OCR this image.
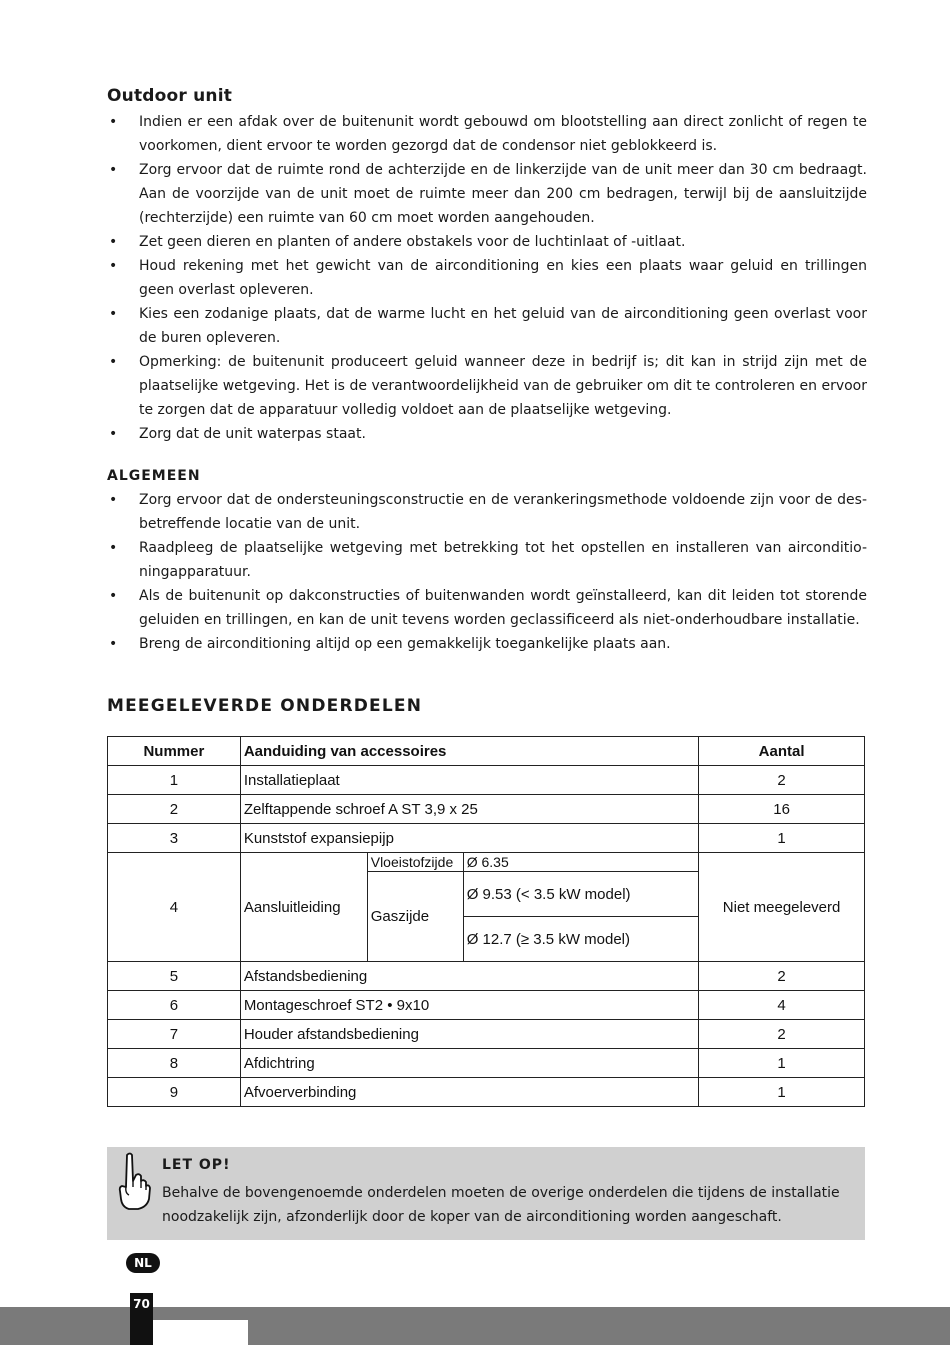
Outdoor unit
• Indien er een afdak over de buitenunit wordt gebouwd om blootstelling aan direct zonlicht of regen te voorkomen, dient ervoor te worden gezorgd dat de condensor niet geblokkeerd is.
• Zorg ervoor dat de ruimte rond de achterzijde en de linkerzijde van de unit meer dan 30 cm bedraagt. Aan de voorzijde van de unit moet de ruimte meer dan 200 cm bedragen, terwijl bij de aansluitzijde (rechterzijde) een ruimte van 60 cm moet worden aangehouden.
• Zet geen dieren en planten of andere obstakels voor de luchtinlaat of -uitlaat.
• Houd rekening met het gewicht van de airconditioning en kies een plaats waar geluid en trillingen geen overlast opleveren.
• Kies een zodanige plaats, dat de warme lucht en het geluid van de airconditioning geen overlast voor de buren opleveren.
• Opmerking: de buitenunit produceert geluid wanneer deze in bedrijf is; dit kan in strijd zijn met de plaatselijke wetgeving. Het is de verantwoordelijkheid van de gebruiker om dit te controleren en ervoor te zorgen dat de apparatuur volledig voldoet aan de plaatselijke wetgeving.
• Zorg dat de unit waterpas staat.
ALGEMEEN
• Zorg ervoor dat de ondersteuningsconstructie en de verankeringsmethode voldoende zijn voor de des-betreffende locatie van de unit.
• Raadpleeg de plaatselijke wetgeving met betrekking tot het opstellen en installeren van airconditio-ningapparatuur.
• Als de buitenunit op dakconstructies of buitenwanden wordt geïnstalleerd, kan dit leiden tot storende geluiden en trillingen, en kan de unit tevens worden geclassificeerd als niet-onderhoudbare installatie.
• Breng de airconditioning altijd op een gemakkelijk toegankelijke plaats aan.
MEEGELEVERDE ONDERDELEN
Nummer	Aanduiding van accessoires			Aantal
1	Installatieplaat			2
2	Zelftappende schroef A ST 3,9 x 25			16
3	Kunststof expansiepijp			1
4	Aansluitleiding	Vloeistofzijde	Ø 6.35	Niet meegeleverd
		Gaszijde	Ø 9.53 (< 3.5 kW model)	
			Ø 12.7 (≥ 3.5 kW model)	
5	Afstandsbediening			2
6	Montageschroef ST2 • 9x10			4
7	Houder afstandsbediening			2
8	Afdichtring			1
9	Afvoerverbinding			1
LET OP!
Behalve de bovengenoemde onderdelen moeten de overige onderdelen die tijdens de installatie noodzakelijk zijn, afzonderlijk door de koper van de airconditioning worden aangeschaft.
NL
70
